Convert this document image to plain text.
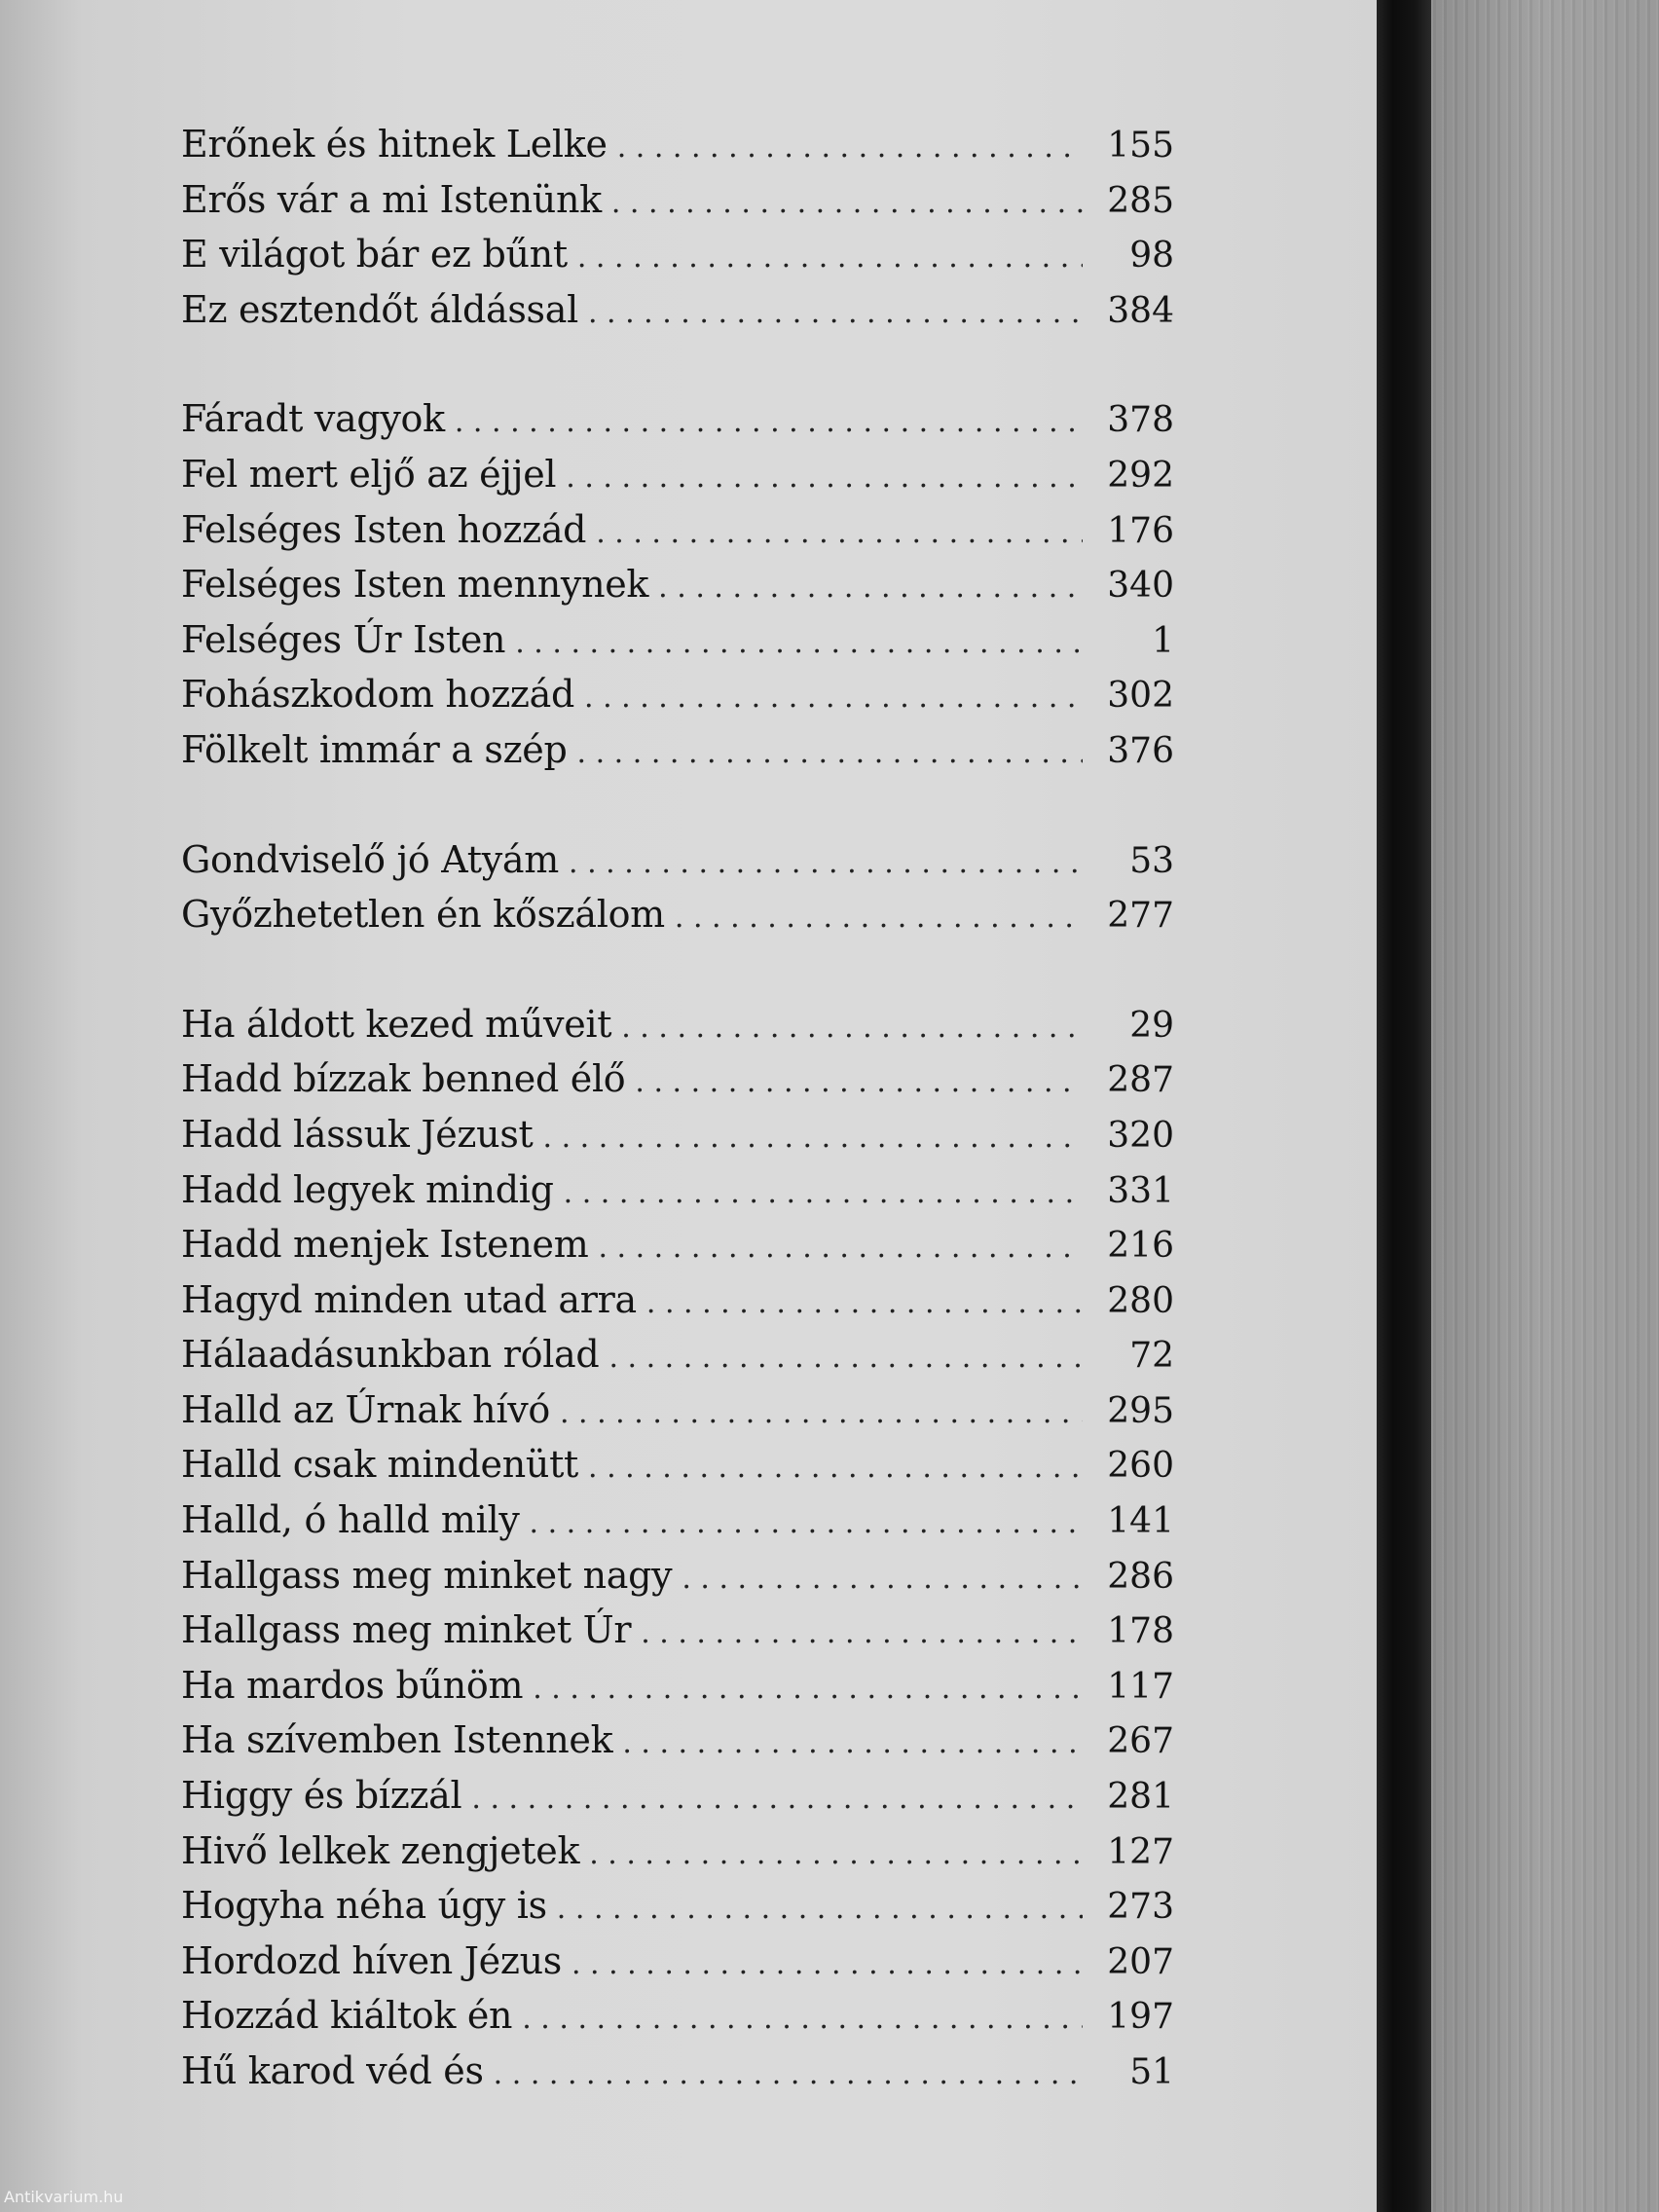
Erőnek és hitnek Lelke . . .	155
Erős vár a mi Istenünk . . .	285
E világot bár ez bűnt . . .	98
Ez esztendőt áldással . . .	384
Fáradt vagyok . . .	378
Fel mert eljő az éjjel . . .	292
Felséges Isten hozzád . . .	176
Felséges Isten mennynek . . .	340
Felséges Úr Isten . . .	1
Fohászkodom hozzád . . .	302
Fölkelt immár a szép . . .	376
Gondviselő jó Atyám . . .	53
Győzhetetlen én kőszálom . . .	277
Ha áldott kezed műveit . . .	29
Hadd bízzak benned élő . . .	287
Hadd lássuk Jézust . . .	320
Hadd legyek mindig . . .	331
Hadd menjek Istenem . . .	216
Hagyd minden utad arra . . .	280
Hálaadásunkban rólad . . .	72
Halld az Úrnak hívó . . .	295
Halld csak mindenütt . . .	260
Halld, ó halld mily . . .	141
Hallgass meg minket nagy . . .	286
Hallgass meg minket Úr . . .	178
Ha mardos bűnöm . . .	117
Ha szívemben Istennek . . .	267
Higgy és bízzál . . .	281
Hivő lelkek zengjetek . . .	127
Hogyha néha úgy is . . .	273
Hordozd híven Jézus . . .	207
Hozzád kiáltok én . . .	197
Hű karod véd és . . .	51
Antikvarium.hu
